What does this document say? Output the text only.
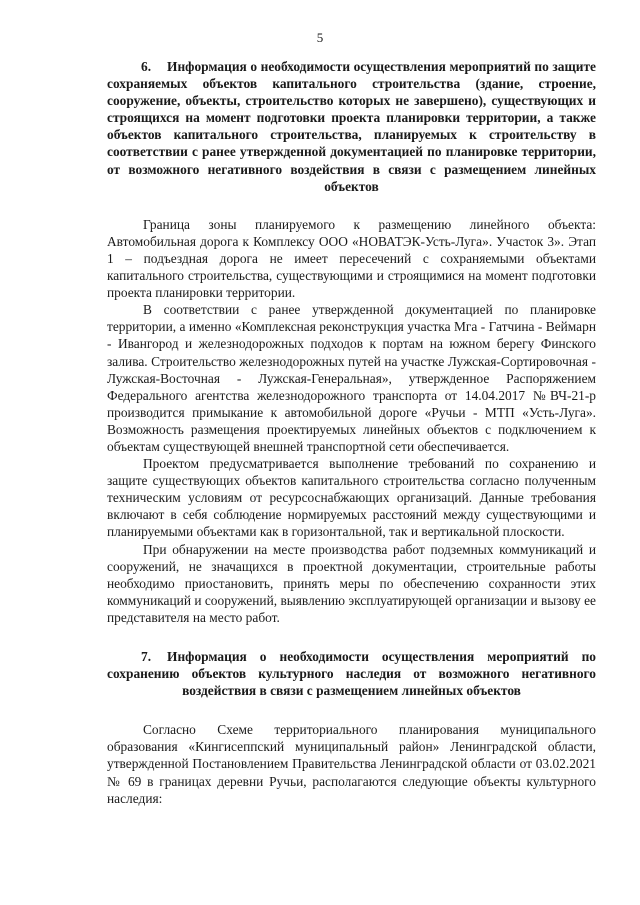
5
6. Информация о необходимости осуществления мероприятий по защите сохраняемых объектов капитального строительства (здание, строение, сооружение, объекты, строительство которых не завершено), существующих и строящихся на момент подготовки проекта планировки территории, а также объектов капитального строительства, планируемых к строительству в соответствии с ранее утвержденной документацией по планировке территории, от возможного негативного воздействия в связи с размещением линейных объектов

Граница зоны планируемого к размещению линейного объекта: Автомобильная дорога к Комплексу ООО «НОВАТЭК-Усть-Луга». Участок 3». Этап 1 – подъездная дорога не имеет пересечений с сохраняемыми объектами капитального строительства, существующими и строящимися на момент подготовки проекта планировки территории.

В соответствии с ранее утвержденной документацией по планировке территории, а именно «Комплексная реконструкция участка Мга - Гатчина - Веймарн - Ивангород и железнодорожных подходов к портам на южном берегу Финского залива. Строительство железнодорожных путей на участке Лужская-Сортировочная - Лужская-Восточная - Лужская-Генеральная», утвержденное Распоряжением Федерального агентства железнодорожного транспорта от 14.04.2017 №ВЧ-21-р производится примыкание к автомобильной дороге «Ручьи - МТП «Усть-Луга». Возможность размещения проектируемых линейных объектов с подключением к объектам существующей внешней транспортной сети обеспечивается.

Проектом предусматривается выполнение требований по сохранению и защите существующих объектов капитального строительства согласно полученным техническим условиям от ресурсоснабжающих организаций. Данные требования включают в себя соблюдение нормируемых расстояний между существующими и планируемыми объектами как в горизонтальной, так и вертикальной плоскости.

При обнаружении на месте производства работ подземных коммуникаций и сооружений, не значащихся в проектной документации, строительные работы необходимо приостановить, принять меры по обеспечению сохранности этих коммуникаций и сооружений, выявлению эксплуатирующей организации и вызову ее представителя на место работ.

7. Информация о необходимости осуществления мероприятий по сохранению объектов культурного наследия от возможного негативного воздействия в связи с размещением линейных объектов

Согласно Схеме территориального планирования муниципального образования «Кингисеппский муниципальный район» Ленинградской области, утвержденной Постановлением Правительства Ленинградской области от 03.02.2021 № 69 в границах деревни Ручьи, располагаются следующие объекты культурного наследия:
